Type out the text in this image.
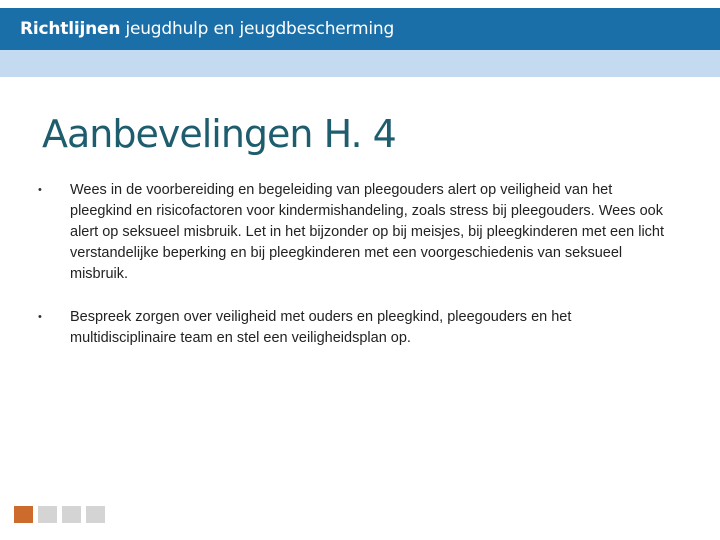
Richtlijnen jeugdhulp en jeugdbescherming
Aanbevelingen H. 4
•	Wees in de voorbereiding en begeleiding van pleegouders alert op veiligheid van het pleegkind en risicofactoren voor kindermishandeling, zoals stress bij pleegouders. Wees ook alert op seksueel misbruik. Let in het bijzonder op bij meisjes, bij pleegkinderen met een licht verstandelijke beperking en bij pleegkinderen met een voorgeschiedenis van seksueel misbruik.
•	Bespreek zorgen over veiligheid met ouders en pleegkind, pleegouders en het multidisciplinaire team en stel een veiligheidsplan op.
